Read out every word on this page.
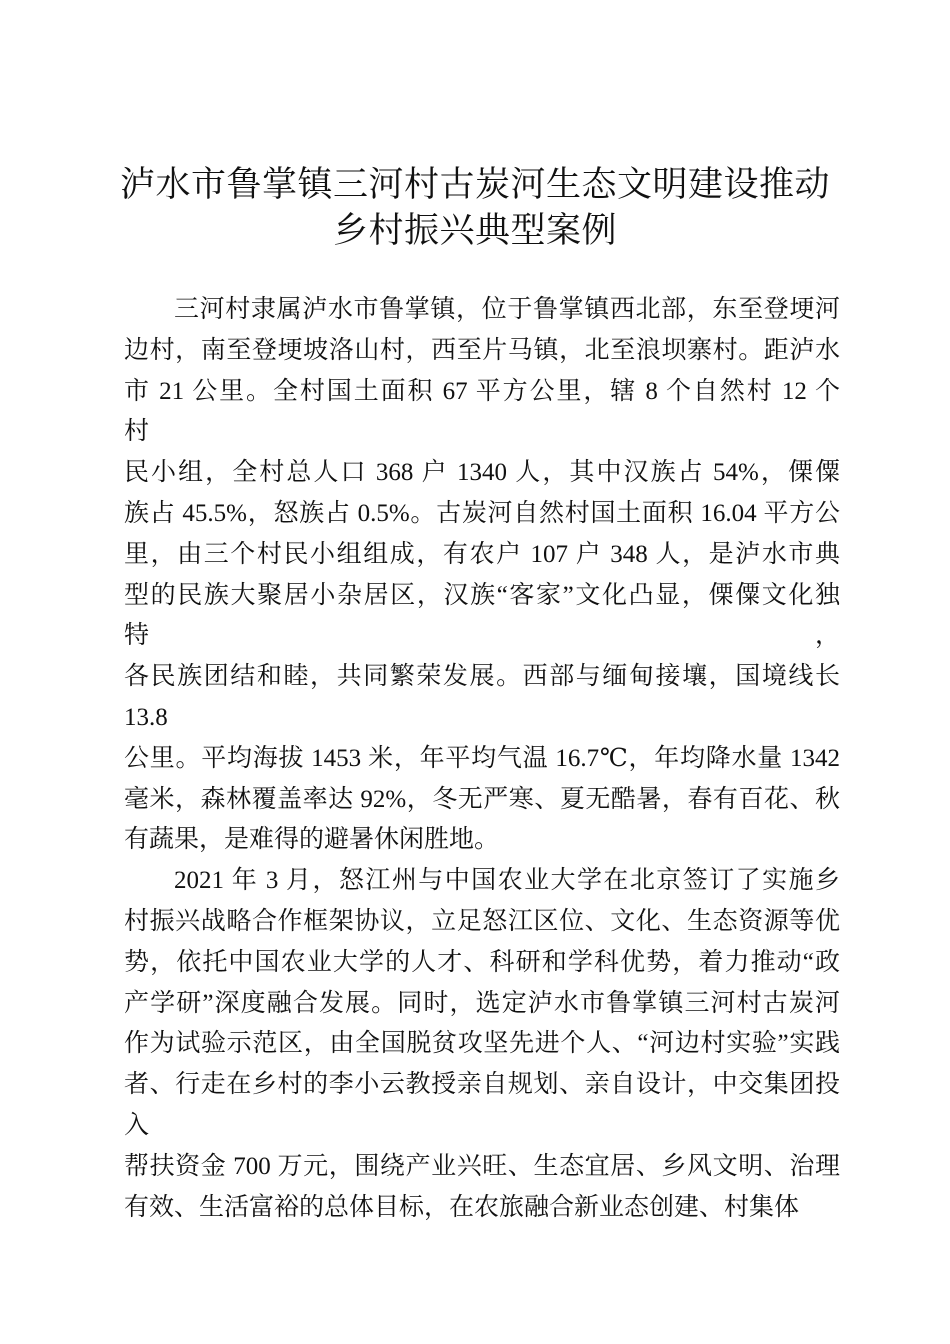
泸水市鲁掌镇三河村古炭河生态文明建设推动
乡村振兴典型案例
三河村隶属泸水市鲁掌镇，位于鲁掌镇西北部，东至登埂河
边村，南至登埂坡洛山村，西至片马镇，北至浪坝寨村。距泸水
市 21 公里。全村国土面积 67 平方公里，辖 8 个自然村 12 个
村
民小组，全村总人口 368 户 1340 人，其中汉族占 54%，傈僳
族占 45.5%，怒族占 0.5%。古炭河自然村国土面积 16.04 平方公
里，由三个村民小组组成，有农户 107 户 348 人，是泸水市典
型的民族大聚居小杂居区，汉族“客家”文化凸显，傈僳文化独特，
各民族团结和睦，共同繁荣发展。西部与缅甸接壤，国境线长
13.8
公里。平均海拔 1453 米，年平均气温 16.7℃，年均降水量 1342
毫米，森林覆盖率达 92%，冬无严寒、夏无酷暑，春有百花、秋
有蔬果，是难得的避暑休闲胜地。
2021 年 3 月，怒江州与中国农业大学在北京签订了实施乡
村振兴战略合作框架协议，立足怒江区位、文化、生态资源等优
势，依托中国农业大学的人才、科研和学科优势，着力推动“政
产学研”深度融合发展。同时，选定泸水市鲁掌镇三河村古炭河
作为试验示范区，由全国脱贫攻坚先进个人、“河边村实验”实践
者、行走在乡村的李小云教授亲自规划、亲自设计，中交集团投 入
帮扶资金 700 万元，围绕产业兴旺、生态宜居、乡风文明、治理
有效、生活富裕的总体目标，在农旅融合新业态创建、村集体
